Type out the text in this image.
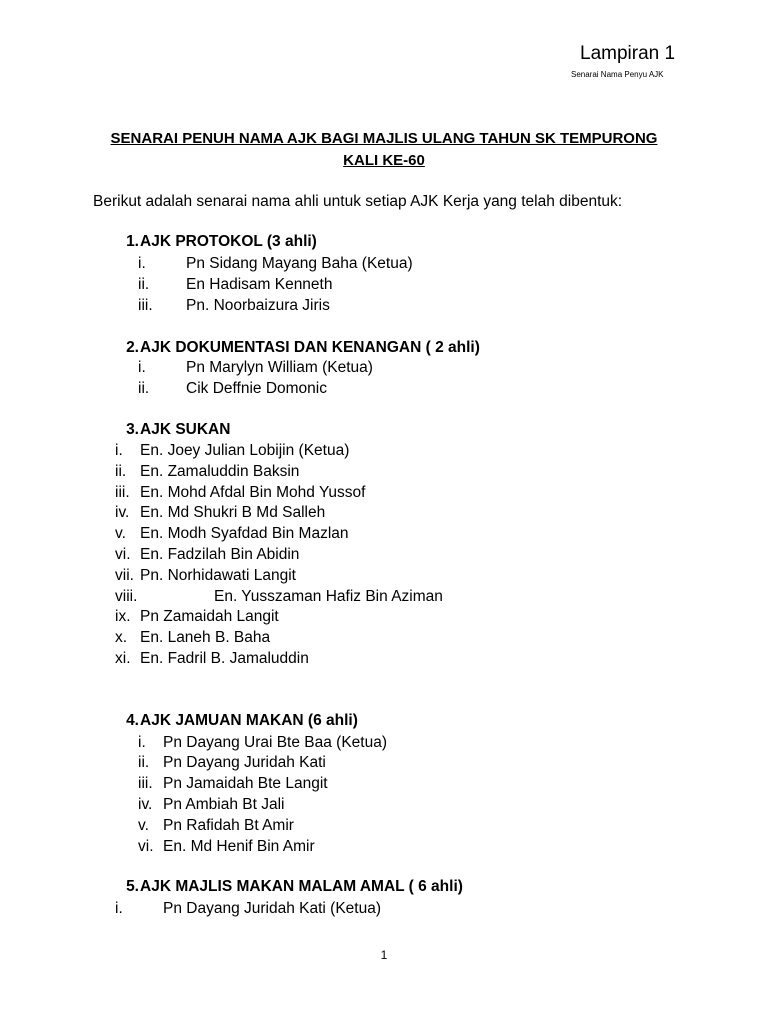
Lampiran 1
Senarai Nama Penyu AJK
SENARAI PENUH NAMA AJK BAGI MAJLIS ULANG TAHUN SK TEMPURONG
KALI KE-60
Berikut adalah senarai nama ahli untuk setiap AJK Kerja yang telah dibentuk:
1. AJK PROTOKOL (3 ahli)
i.	Pn Sidang Mayang Baha (Ketua)
ii. En Hadisam Kenneth
iii. Pn. Noorbaizura Jiris
2. AJK DOKUMENTASI DAN KENANGAN ( 2 ahli)
i.	Pn Marylyn William (Ketua)
ii. Cik Deffnie Domonic
3. AJK SUKAN
i. En. Joey Julian Lobijin (Ketua)
ii. En. Zamaluddin Baksin
iii. En. Mohd Afdal Bin Mohd Yussof
iv. En. Md Shukri B Md Salleh
v. En. Modh Syafdad Bin Mazlan
vi. En. Fadzilah Bin Abidin
vii. Pn. Norhidawati Langit
viii.	En. Yusszaman Hafiz Bin Aziman
ix. Pn Zamaidah Langit
x. En. Laneh B. Baha
xi. En. Fadril B. Jamaluddin
4. AJK JAMUAN MAKAN (6 ahli)
i. Pn Dayang Urai Bte Baa (Ketua)
ii. Pn Dayang Juridah Kati
iii. Pn Jamaidah Bte Langit
iv. Pn Ambiah Bt Jali
v. Pn Rafidah Bt Amir
vi. En. Md Henif Bin Amir
5. AJK MAJLIS MAKAN MALAM AMAL ( 6 ahli)
i.	Pn Dayang Juridah Kati (Ketua)
1
